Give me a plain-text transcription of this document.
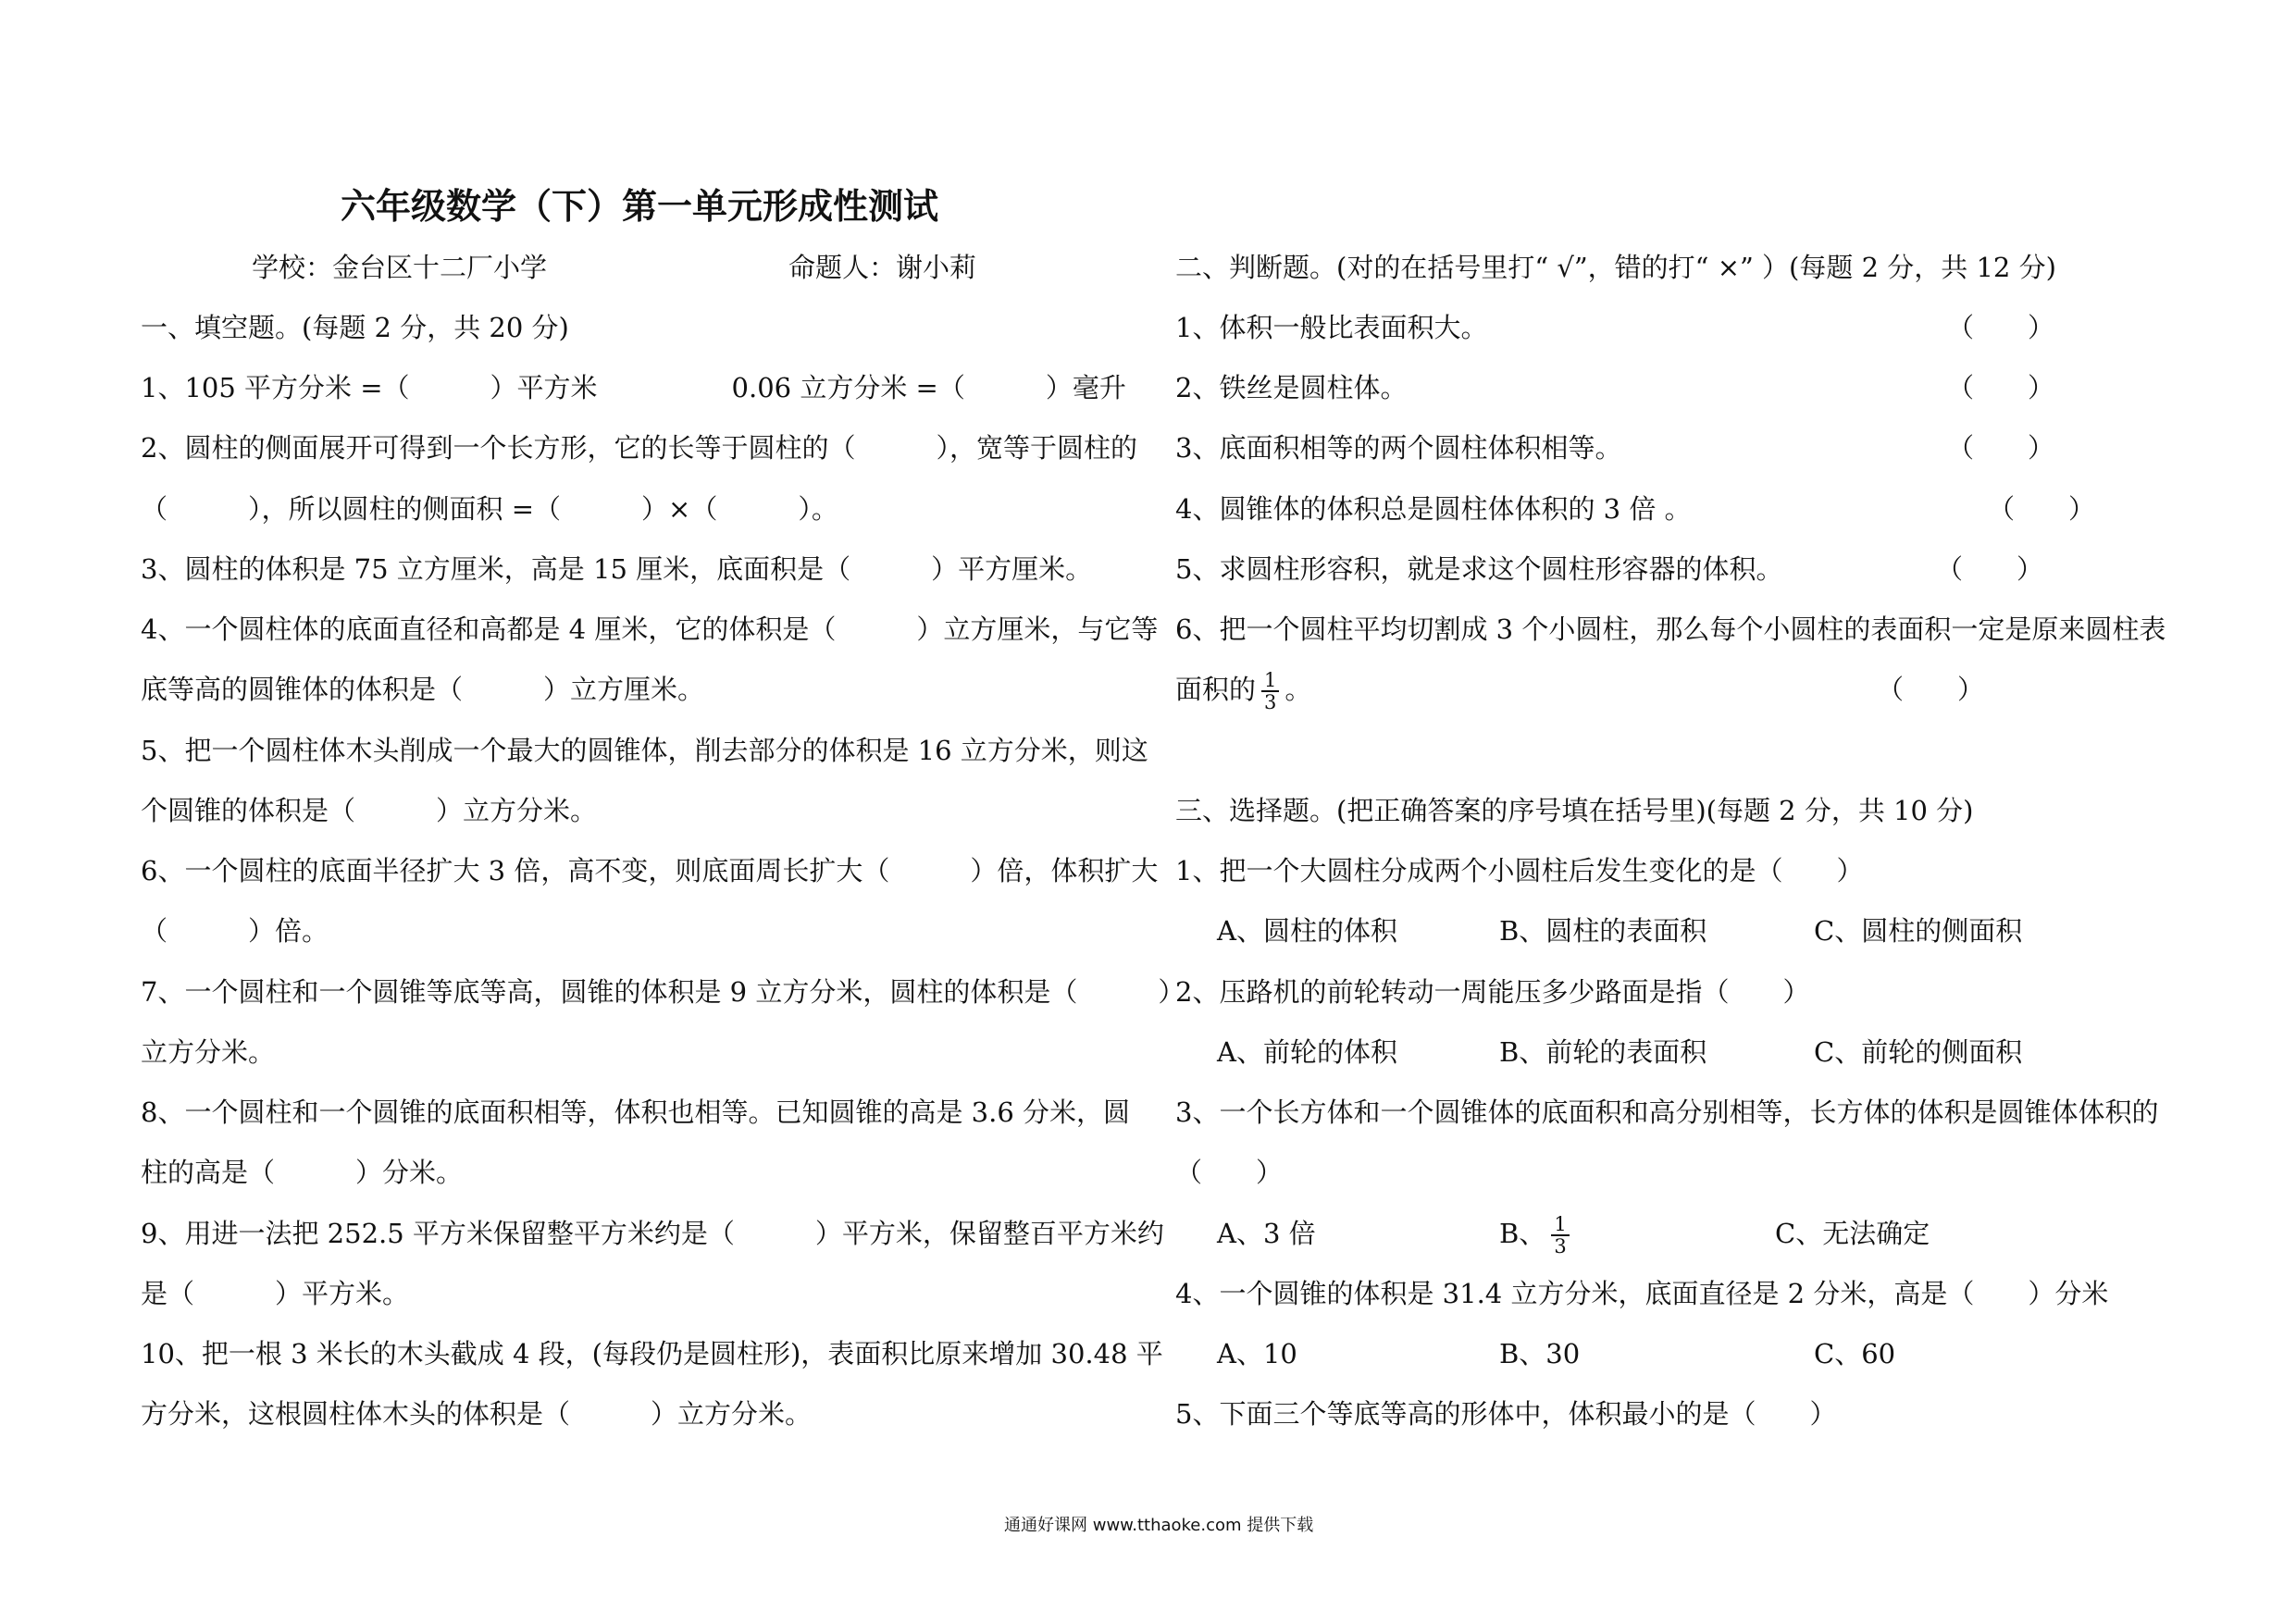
六年级数学（下）第一单元形成性测试
学校：金台区十二厂小学	命题人：谢小莉
一、填空题。(每题 2 分，共 20 分)
1、105 平方分米 =（　　　）平方米　　　　　0.06 立方分米 =（　　　）毫升
2、圆柱的侧面展开可得到一个长方形，它的长等于圆柱的（　　　），宽等于圆柱的
（　　　），所以圆柱的侧面积 =（　　　）×（　　　）。
3、圆柱的体积是 75 立方厘米，高是 15 厘米，底面积是（　　　）平方厘米。
4、一个圆柱体的底面直径和高都是 4 厘米，它的体积是（　　　）立方厘米，与它等
底等高的圆锥体的体积是（　　　）立方厘米。
5、把一个圆柱体木头削成一个最大的圆锥体，削去部分的体积是 16 立方分米，则这
个圆锥的体积是（　　　）立方分米。
6、一个圆柱的底面半径扩大 3 倍，高不变，则底面周长扩大（　　　）倍，体积扩大
（　　　）倍。
7、一个圆柱和一个圆锥等底等高，圆锥的体积是 9 立方分米，圆柱的体积是（　　　）
立方分米。
8、一个圆柱和一个圆锥的底面积相等，体积也相等。已知圆锥的高是 3.6 分米，圆
柱的高是（　　　）分米。
9、用进一法把 252.5 平方米保留整平方米约是（　　　）平方米，保留整百平方米约
是（　　　）平方米。
10、把一根 3 米长的木头截成 4 段，(每段仍是圆柱形)，表面积比原来增加 30.48 平
方分米，这根圆柱体木头的体积是（　　　）立方分米。
二、判断题。(对的在括号里打“ √”，错的打“ ×” ）(每题 2 分，共 12 分)
1、体积一般比表面积大。	（　　）
2、铁丝是圆柱体。	（　　）
3、底面积相等的两个圆柱体积相等。	（　　）
4、圆锥体的体积总是圆柱体体积的 3 倍 。	（　　）
5、求圆柱形容积，就是求这个圆柱形容器的体积。	（　　）
6、把一个圆柱平均切割成 3 个小圆柱，那么每个小圆柱的表面积一定是原来圆柱表
面积的 $\frac{1}{3}$ 。	（　　）
三、选择题。(把正确答案的序号填在括号里)(每题 2 分，共 10 分)
1、把一个大圆柱分成两个小圆柱后发生变化的是（　　）
A、圆柱的体积	B、圆柱的表面积	C、圆柱的侧面积
2、压路机的前轮转动一周能压多少路面是指（　　）
A、前轮的体积	B、前轮的表面积	C、前轮的侧面积
3、一个长方体和一个圆锥体的底面积和高分别相等，长方体的体积是圆锥体体积的
（　　）
A、3 倍	B、 $\frac{1}{3}$	C、无法确定
4、一个圆锥的体积是 31.4 立方分米，底面直径是 2 分米，高是（　　）分米
A、10	B、30	C、60
5、下面三个等底等高的形体中，体积最小的是（　　）
通通好课网 www.tthaoke.com 提供下载
